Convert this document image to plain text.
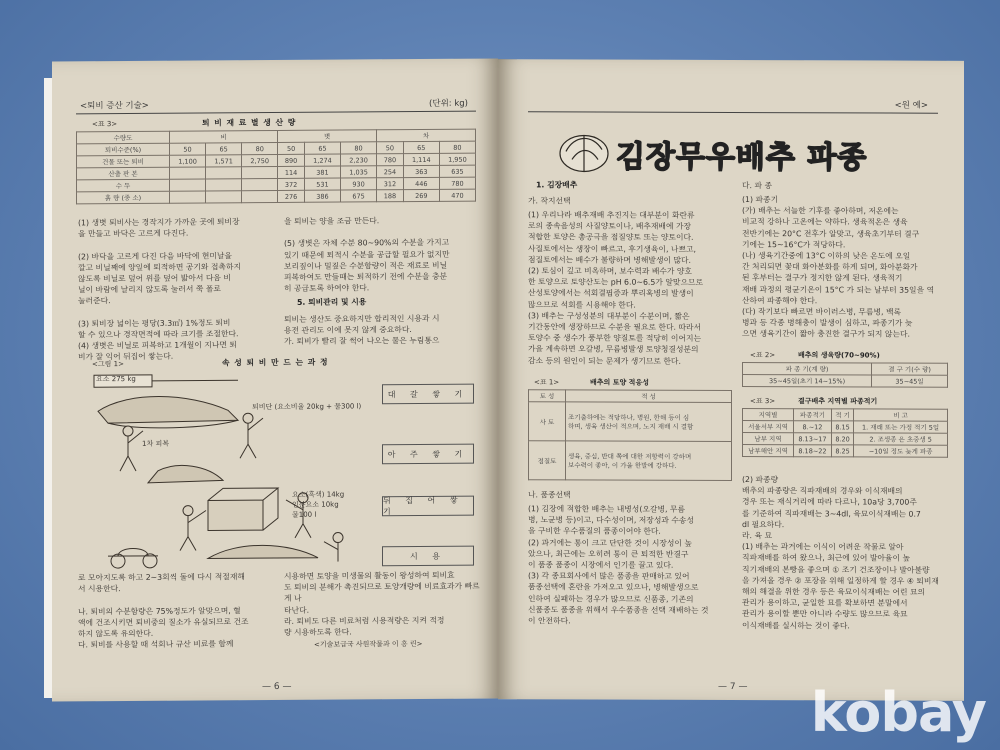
<퇴비 증산 기술>	(단위: kg)
<표 3>	퇴 비 재 료 별 생 산 량
수량도	비			볏			차		
퇴비수준(%)	50	65	80	50	65	80	50	65	80
건물 또는 퇴비	1,100	1,571	2,750	890	1,274	2,230	780	1,114	1,950
산출 판 본				114	381	1,035	254	363	635
수 두				372	531	930	312	446	780
흙 량 (중 소)				276	386	675	188	269	470
(1) 생볏 퇴비사는 경작지가 가까운 곳에 퇴비장
을 만들고 바닥은 고르게 다진다.

(2) 바닥을 고르게 다진 다음 바닥에 현미날을
깔고 비닐째에 양잎에 퇴적하면 공기와 접촉하지
않도록 비닐로 덮어 위를 덮어 밟아서 다음 비
닐이 바람에 날리지 않도록 눌러서 쭉 폴로
눌러준다.

(3) 퇴비장 넓이는 평당(3.3㎡) 1%정도 퇴비
할 수 있으나 경작면적에 따라 크기를 조절한다.
(4) 생볏은 비닐로 피복하고 1개월이 지나면 퇴
비가 잘 익어 뒤집어 쌓는다.
을 퇴비는 양을 조금 만든다.

(5) 생볏은 자체 수분 80~90%의 수분을 가지고
있기 때문에 퇴적시 수분을 공급할 필요가 없지만
보리짚이나 밀짚은 수분함량이 적은 재료로 비닐
피복하여도 만들때는 퇴적하기 전에 수분을 충분
히 공급토록 하여야 한다.
5. 퇴비관리 및 시용
퇴비는 생산도 중요하지만 합리적인 시용과 시
용전 관리도 이에 못지 않게 중요하다.
가. 퇴비가 빨리 잘 썩어 나오는 물은 누림통으
<그림 1>	속 성 퇴 비 만 드 는 과 정
요소 275 kg
퇴비단 (요소비율 20kg + 물300 l)
1차 피복
요소(흑색) 14kg
인분요소 10kg
물100 l
대 갈 쌓 기
아 주 쌓 기
뒤 집 어 쌓 기
시 용
로 모아지도록 하고 2~3회씩 돌에 다시 적절재해
서 시용한다.

나. 퇴비의 수분함량은 75%정도가 알맞으며, 혈
액에 건조시키면 퇴비중의 질소가 유실되므로 건조
하지 않도록 유의한다.
다. 퇴비를 사용할 때 석회나 규산 비료를 함께
시용하면 토양을 미생물의 활동이 왕성하여 퇴비효
도 퇴비의 분해가 촉진되므로 토양개량에 비료효과가 빠르게 나
타난다.
라. 퇴비도 다른 비료처럼 시용적량은 지켜 적정
량 시용하도록 한다.
<기술보급국 사원작물과 이 흥 린>
— 6 —
<원 예>
김장무우배추 파종
1. 김장배추
가. 작지선택
(1) 우리나라 배추재배 추진지는 대부분이 화란류
로의 종속음성의 사질양토이나, 배추재배에 가장
적합한 토양은 총공극을 점질양토 또는 양토이다.
사질토에서는 생장이 빠르고, 후기생육이, 나쁘고,
점질토에서는 배수가 불량하며 병해발생이 많다.
(2) 토심이 깊고 비옥하며, 보수력과 배수가 양호
한 토양으로 토양산도는 pH 6.0~6.5가 알맞으므로
산성토양에서는 석회결핍증과 뿌리혹병의 발생이
많으므로 석회를 시용해야 한다.
(3) 배추는 구성성분의 대부분이 수분이며, 짧은
기간동안에 생장하므로 수분을 필요로 한다. 따라서
토양수 중 생수가 풍부한 양질토를 적당히 이어지는
가을 계속하면 오갈병, 무름병발생 토양청결성분의
감소 등의 원인이 되는 문제가 생기므로 한다.
<표 1>	배추의 토양 적응성
토 성	적 성
사 토	조기출하에는 적당하나, 병원, 한해 등이 심
하며, 생육 생산이 적으며, 노지 재배 시 결함
점질토	생육, 중심, 반대 쪽에 대한 저항력이 강하며
보수력이 좋아, 이 가을 한발에 강하다.
나. 품종선택
(1) 김장에 적합한 배추는 내병성(오갈병, 무름
병, 노균병 등)이고, 다수성이며, 저장성과 수송성
을 구비한 우수품질의 품종이어야 한다.
(2) 과거에는 통이 크고 단단한 것이 시장성이 높
았으나, 최근에는 오히려 통이 큰 퇴적한 반결구
이 품종 품종이 시장에서 인기를 끌고 있다.
(3) 각 종묘회사에서 많은 품종을 판매하고 있어
품종선택에 혼란을 가져오고 있으나, 병해발생으로
인하여 실패하는 경우가 많으므로 신품종, 기존의
신품종도 품종을 위해서 우수품종을 선택 재배하는 것
이 안전하다.
다. 파 종
(1) 파종기
(가) 배추는 서늘한 기후를 좋아하며, 저온에는
비교적 강하나 고온에는 약하다. 생육적온은 생육
전반기에는 20°C 전후가 알맞고, 생육초기부터 결구
기에는 15~16°C가 적당하다.
(나) 생육기간중에 13°C 이하의 낮은 온도에 오일
간 처리되면 꽃대 화아분화를 하게 되며, 화아분화가
된 후부터는 결구가 정지한 않게 된다. 생육적기
재배 과정의 평균기온이 15°C 가 되는 날부터 35일을 역
산하여 파종해야 한다.
(다) 작기보다 빠르면 바이러스병, 무름병, 백록
병과 등 각종 병해충이 발생이 심하고, 파종기가 늦
으면 생육기간이 짧아 충진한 결구가 되지 않는다.
<표 2>	배추의 생육량(70~90%)
파 종 기(계 량)	결 구 기(수 량)
35~45일(초기 14~15%)	35~45일
<표 3>	결구배추 지역별 파종적기
지역별	파종적기	적 기	비 고
서울서부 지역	8.~12	8.15	1. 재래 또는 가정 적기 5일
남부 지역	8.13~17	8.20	2. 조생종 은 초중생 5
남부해안 지역	8.18~22	8.25	~10일 정도 늦게 파종
(2) 파종량
배추의 파종량은 직파재배의 경우와 이식재배의
경우 또는 재식거리에 따라 다르나, 10a당 3,700주
를 기준하여 직파재배는 3~4dl, 육묘이식재배는 0.7
dl 필요하다.
라. 육 묘
(1) 배추는 과거에는 이식이 어려운 작물로 알아
직파재배를 하여 왔으나, 최근에 있어 발아율이 높
직기재배의 본빵을 좋으며 ① 조기 건조장이나 발아불량
을 가져올 경우 ② 포장을 위해 일정하게 할 경우 ④ 퇴비재
해의 해결을 위한 경우 등은 육묘이식재배는 어린 묘의
관리가 용이하고, 균일한 묘를 확보하면 분말에서
관리가 용이할 뿐만 아니라 수량도 많으므로 육묘
이식재배를 실시하는 것이 좋다.
— 7 — kobay
